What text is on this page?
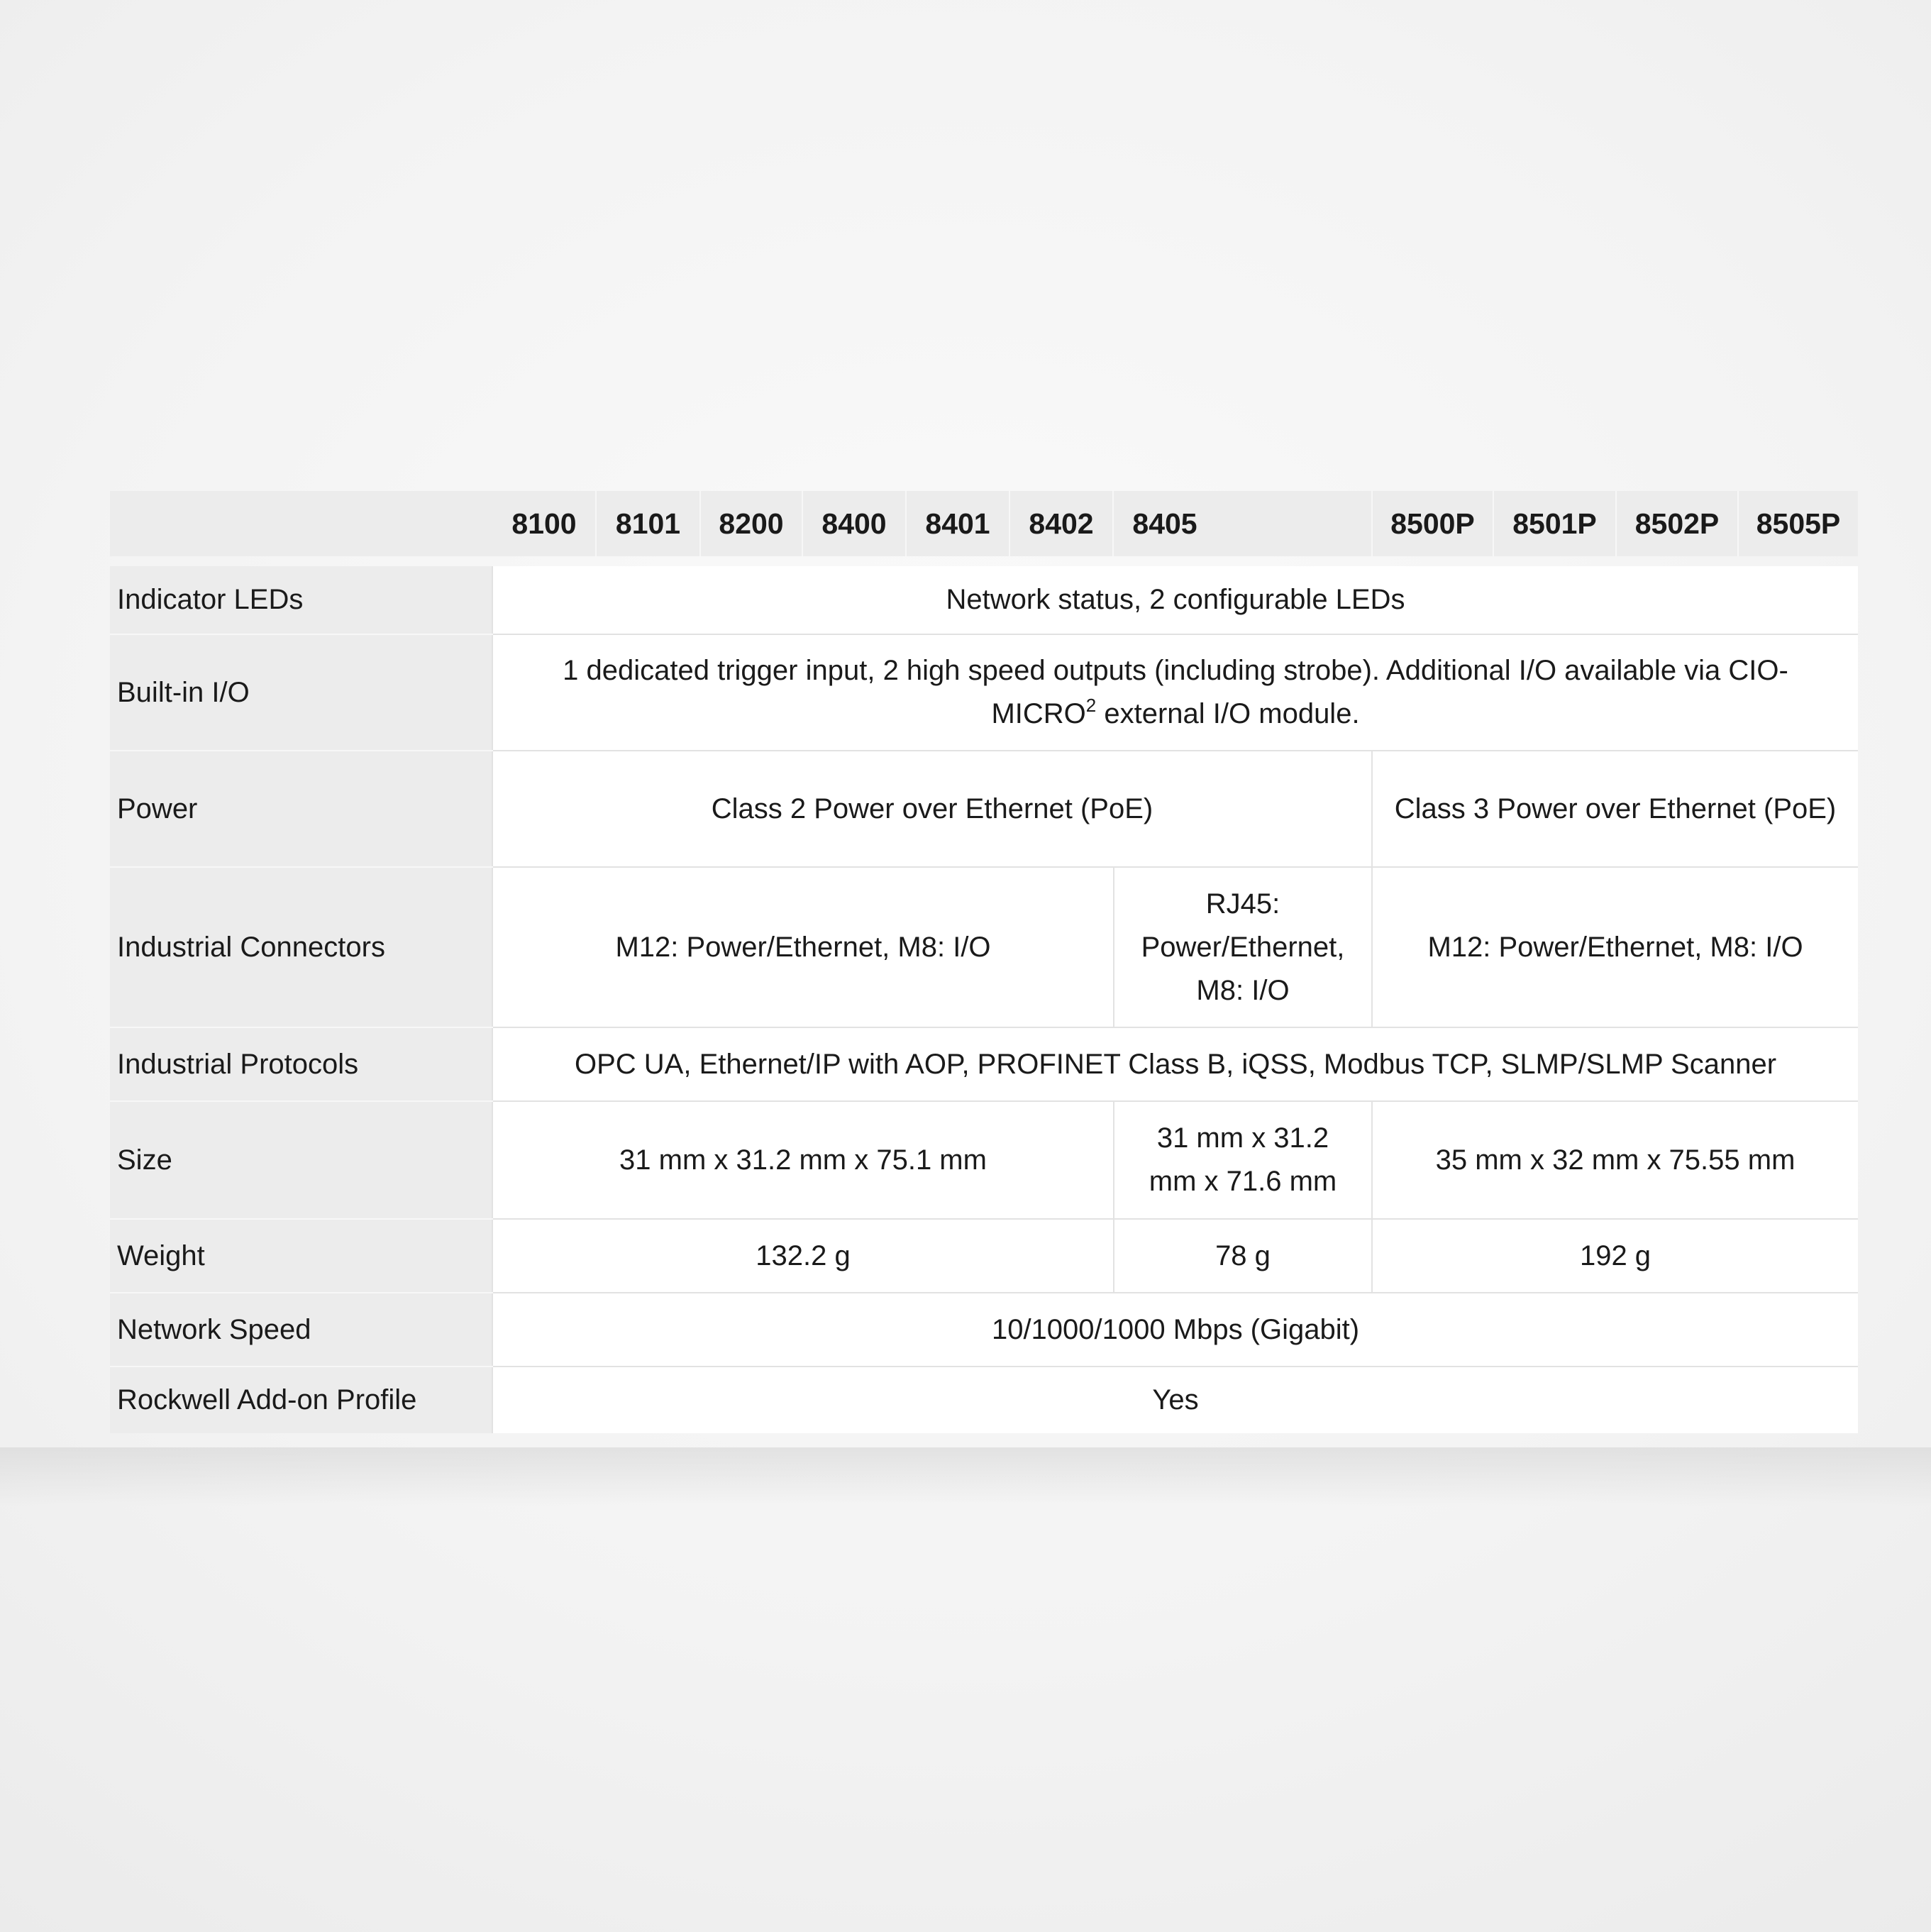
8100	8101	8200	8400	8401	8402	8405	8500P	8501P	8502P	8505P
Indicator LEDs	Network status, 2 configurable LEDs		
Built-in I/O	1 dedicated trigger input, 2 high speed outputs (including strobe). Additional I/O available via CIO-
MICRO$^2$ external I/O module.		
Power	Class 2 Power over Ethernet (PoE)		Class 3 Power over Ethernet (PoE)
Industrial Connectors	M12: Power/Ethernet, M8: I/O	RJ45: Power/Ethernet, M8: I/O	M12: Power/Ethernet, M8: I/O
Industrial Protocols	OPC UA, Ethernet/IP with AOP, PROFINET Class B, iQSS, Modbus TCP, SLMP/SLMP Scanner		
Size	31 mm x 31.2 mm x 75.1 mm	31 mm x 31.2 mm x 71.6 mm	35 mm x 32 mm x 75.55 mm
Weight	132.2 g	78 g	192 g
Network Speed	10/1000/1000 Mbps (Gigabit)		
Rockwell Add-on Profile	Yes		
